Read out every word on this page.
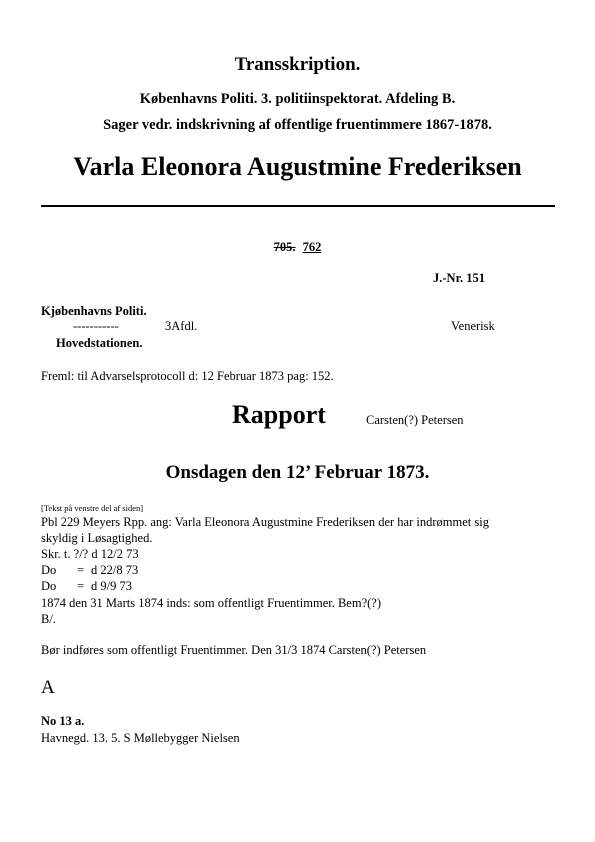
Transskription.
Københavns Politi. 3. politiinspektorat. Afdeling B.
Sager vedr. indskrivning af offentlige fruentimmere 1867-1878.
Varla Eleonora Augustmine Frederiksen
705. 762
J.-Nr. 151
Kjøbenhavns Politi.
-----------	3Afdl.	Venerisk
Hovedstationen.
Freml: til Advarselsprotocoll d: 12 Februar 1873 pag: 152.
Rapport	Carsten(?) Petersen
Onsdagen den 12’ Februar 1873.
[Tekst på venstre del af siden]
Pbl 229 Meyers Rpp. ang: Varla Eleonora Augustmine Frederiksen der har indrømmet sig
skyldig i Løsagtighed.
Skr. t. ?/? d 12/2 73
Do = d 22/8 73
Do = d 9/9 73
1874 den 31 Marts 1874 inds: som offentligt Fruentimmer. Bem?(?)
B/.
Bør indføres som offentligt Fruentimmer. Den 31/3 1874 Carsten(?) Petersen
A
No 13 a.
Havnegd. 13. 5. S Møllebygger Nielsen
